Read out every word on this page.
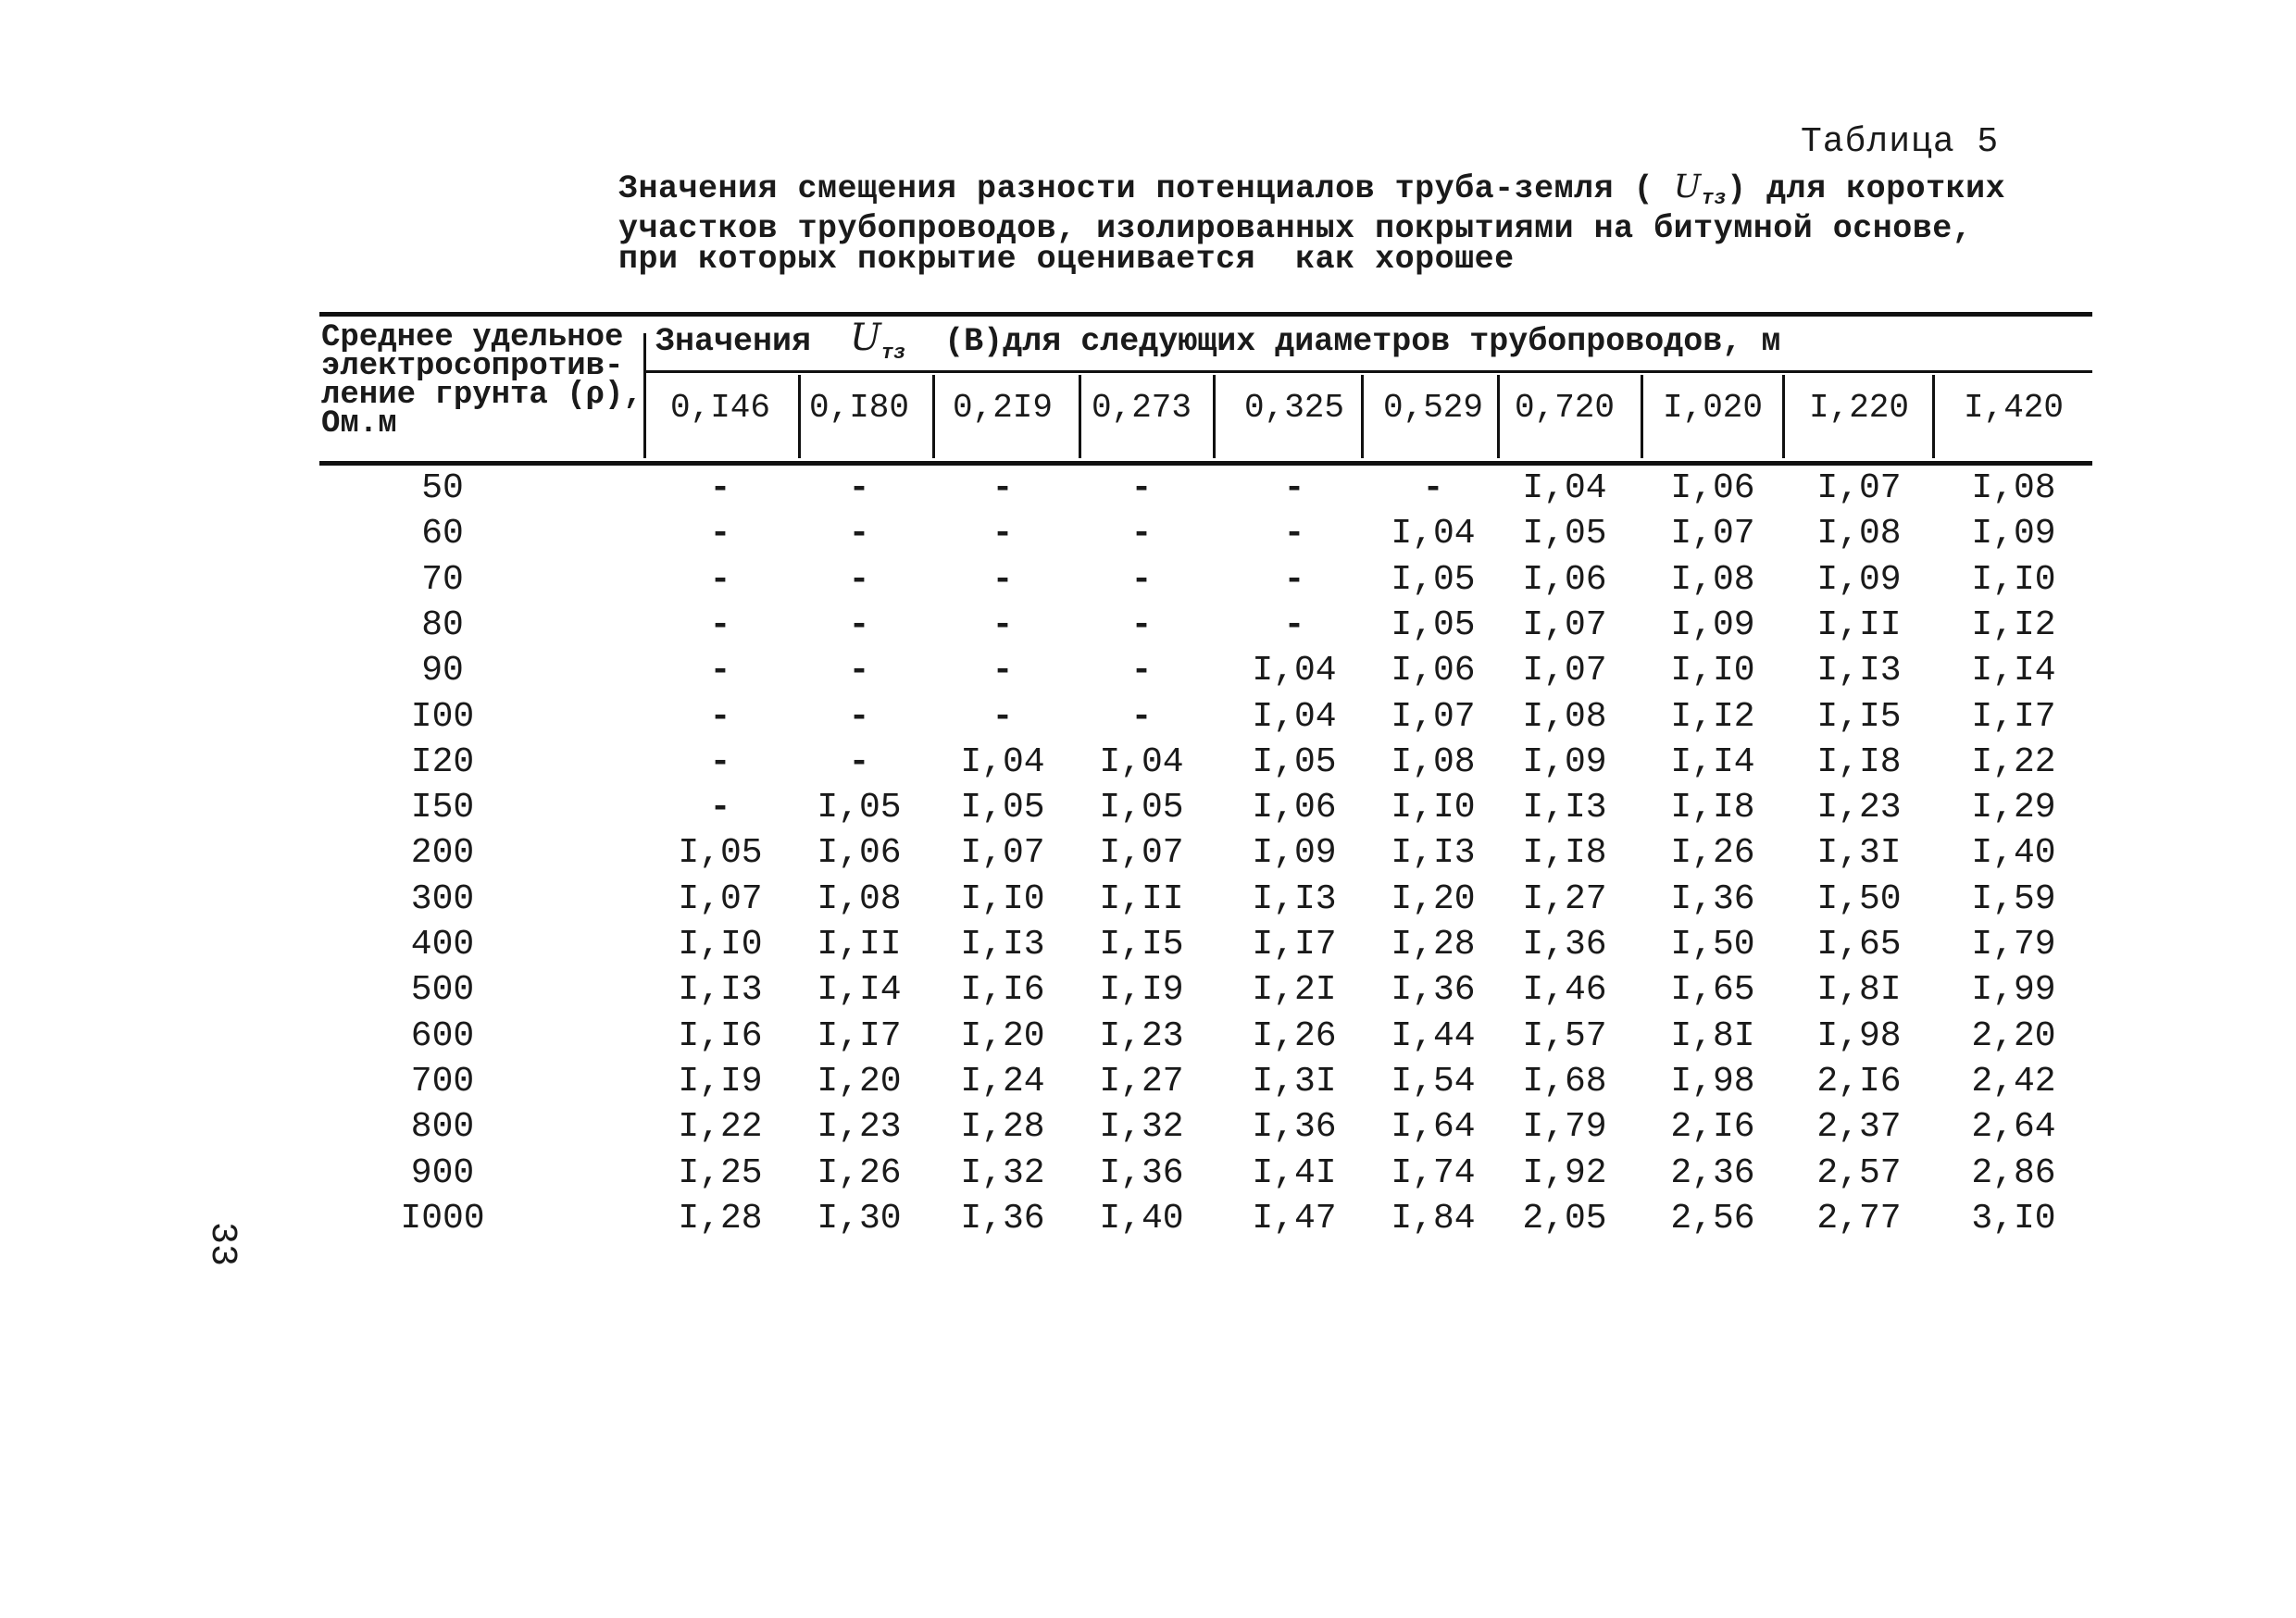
Таблица 5
Значения смещения разности потенциалов труба-земля ( $U_{тз}$) для коротких
участков трубопроводов, изолированных покрытиями на битумной основе,
при которых покрытие оценивается  как хорошее
Среднее удельное
электросопротив-
ление грунта (ρ),
Ом.м
Значения  $U_{тз}$  (В)для следующих диаметров трубопроводов, м
0,I46	0,I80	0,2I9	0,273	0,325	0,529 0,720	I,020	I,220	I,420
50	-	-	-	-	-	-	I,04	I,06	I,07	I,08
60	-	-	-	-	-	I,04	I,05	I,07	I,08	I,09
70	-	-	-	-	-	I,05	I,06	I,08	I,09	I,I0
80	-	-	-	-	-	I,05	I,07	I,09	I,II	I,I2
90	-	-	-	-	I,04	I,06	I,07	I,I0	I,I3	I,I4
I00	-	-	-	-	I,04	I,07	I,08	I,I2	I,I5	I,I7
I20	-	-	I,04	I,04	I,05	I,08	I,09	I,I4	I,I8	I,22
I50	-	I,05	I,05	I,05	I,06	I,I0	I,I3	I,I8	I,23	I,29
200	I,05	I,06	I,07	I,07	I,09	I,I3	I,I8	I,26	I,3I	I,40
300	I,07	I,08	I,I0	I,II	I,I3	I,20	I,27	I,36	I,50	I,59
400	I,I0	I,II	I,I3	I,I5	I,I7	I,28	I,36	I,50	I,65	I,79
500	I,I3	I,I4	I,I6	I,I9	I,2I	I,36	I,46	I,65	I,8I	I,99
600	I,I6	I,I7	I,20	I,23	I,26	I,44	I,57	I,8I	I,98	2,20
700	I,I9	I,20	I,24	I,27	I,3I	I,54	I,68	I,98	2,I6	2,42
800	I,22	I,23	I,28	I,32	I,36	I,64	I,79	2,I6	2,37	2,64
900	I,25	I,26	I,32	I,36	I,4I	I,74	I,92	2,36	2,57	2,86
I000	I,28	I,30	I,36	I,40	I,47	I,84	2,05	2,56	2,77	3,I0
33
